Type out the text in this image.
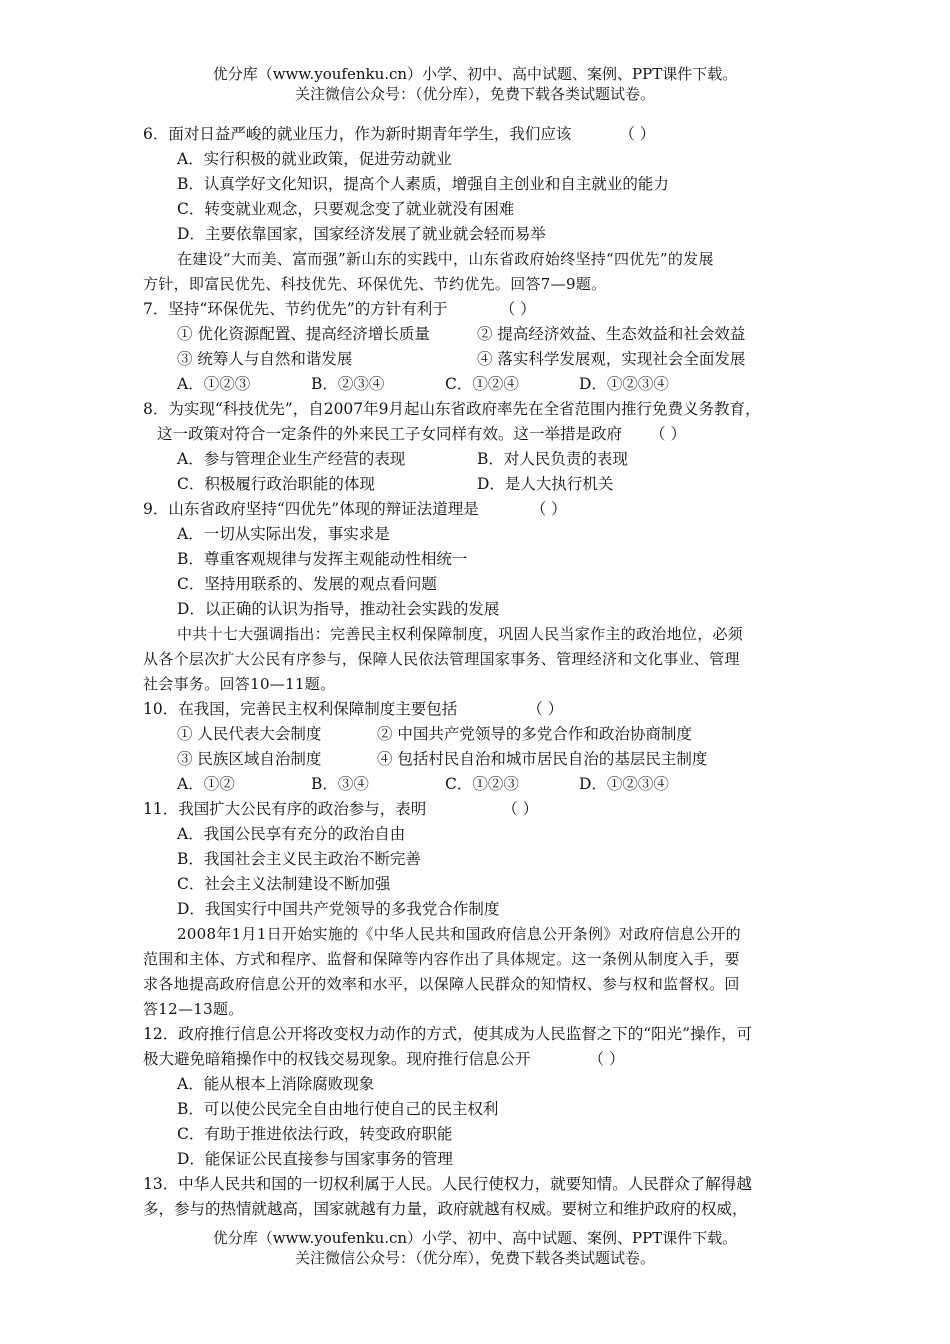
优分库（www.youfenku.cn）小学、初中、高中试题、案例、PPT课件下载。
关注微信公众号：（优分库），免费下载各类试题试卷。
6．面对日益严峻的就业压力，作为新时期青年学生，我们应该	（ ）
A．实行积极的就业政策，促进劳动就业
B．认真学好文化知识，提高个人素质，增强自主创业和自主就业的能力
C．转变就业观念，只要观念变了就业就没有困难
D．主要依靠国家，国家经济发展了就业就会轻而易举
在建设“大而美、富而强”新山东的实践中，山东省政府始终坚持“四优先”的发展
方针，即富民优先、科技优先、环保优先、节约优先。回答7—9题。
7．坚持“环保优先、节约优先”的方针有利于	（ ）
① 优化资源配置、提高经济增长质量	② 提高经济效益、生态效益和社会效益
③ 统筹人与自然和谐发展	④ 落实科学发展观，实现社会全面发展
A．①②③	B．②③④	C．①②④	D．①②③④
8．为实现“科技优先”，自2007年9月起山东省政府率先在全省范围内推行免费义务教育，
这一政策对符合一定条件的外来民工子女同样有效。这一举措是政府 （ ）
A．参与管理企业生产经营的表现	B．对人民负责的表现
C．积极履行政治职能的体现	D．是人大执行机关
9．山东省政府坚持“四优先”体现的辩证法道理是	（ ）
A．一切从实际出发，事实求是
B．尊重客观规律与发挥主观能动性相统一
C．坚持用联系的、发展的观点看问题
D．以正确的认识为指导，推动社会实践的发展
中共十七大强调指出：完善民主权利保障制度，巩固人民当家作主的政治地位，必须
从各个层次扩大公民有序参与，保障人民依法管理国家事务、管理经济和文化事业、管理
社会事务。回答10—11题。
10．在我国，完善民主权利保障制度主要包括	（ ）
① 人民代表大会制度	② 中国共产党领导的多党合作和政治协商制度
③ 民族区域自治制度	④ 包括村民自治和城市居民自治的基层民主制度
A．①②	B．③④	C．①②③	D．①②③④
11．我国扩大公民有序的政治参与，表明	（ ）
A．我国公民享有充分的政治自由
B．我国社会主义民主政治不断完善
C．社会主义法制建设不断加强
D．我国实行中国共产党领导的多我党合作制度
2008年1月1日开始实施的《中华人民共和国政府信息公开条例》对政府信息公开的
范围和主体、方式和程序、监督和保障等内容作出了具体规定。这一条例从制度入手，要
求各地提高政府信息公开的效率和水平，以保障人民群众的知情权、参与权和监督权。回
答12—13题。
12．政府推行信息公开将改变权力动作的方式，使其成为人民监督之下的“阳光”操作，可
极大避免暗箱操作中的权钱交易现象。现府推行信息公开	（ ）
A．能从根本上消除腐败现象
B．可以使公民完全自由地行使自己的民主权利
C．有助于推进依法行政，转变政府职能
D．能保证公民直接参与国家事务的管理
13．中华人民共和国的一切权利属于人民。人民行使权力，就要知情。人民群众了解得越
多，参与的热情就越高，国家就越有力量，政府就越有权威。要树立和维护政府的权威，
优分库（www.youfenku.cn）小学、初中、高中试题、案例、PPT课件下载。
关注微信公众号：（优分库），免费下载各类试题试卷。
